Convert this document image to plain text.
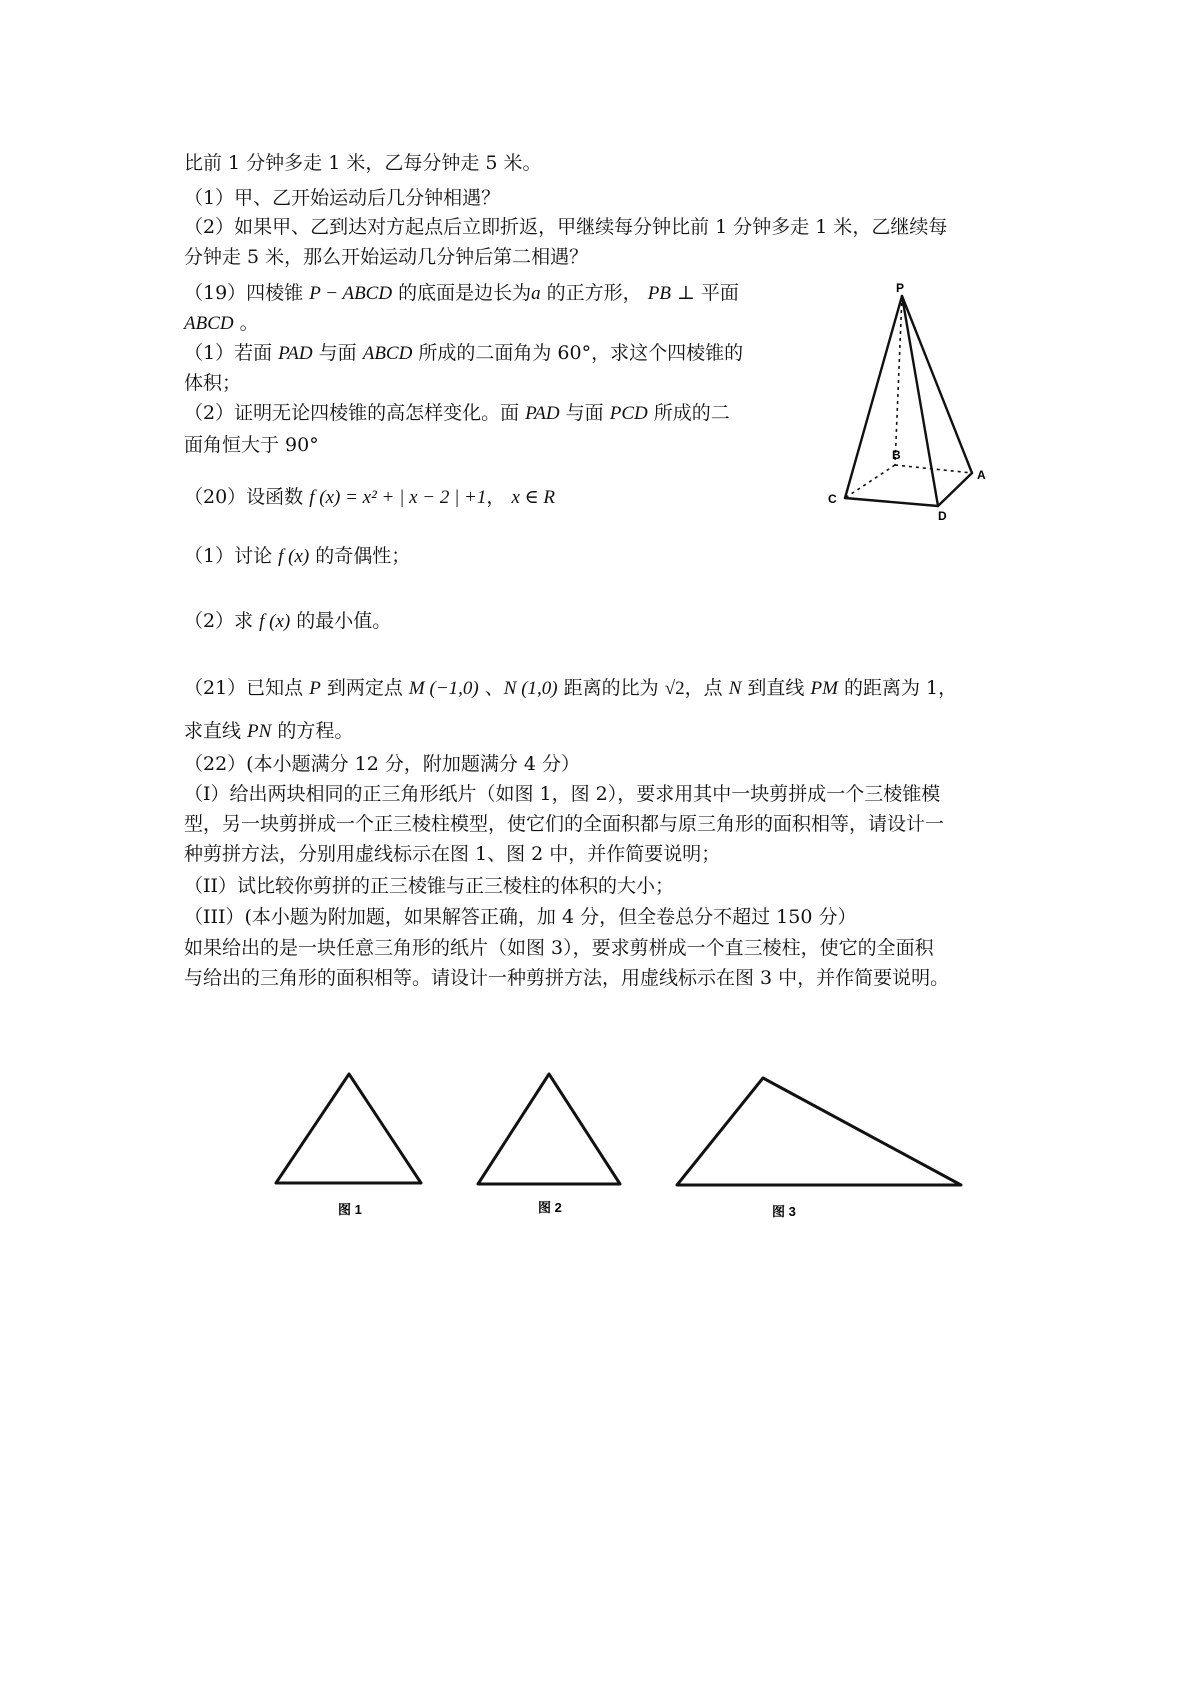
比前 1 分钟多走 1 米，乙每分钟走 5 米。
（1）甲、乙开始运动后几分钟相遇？
（2）如果甲、乙到达对方起点后立即折返，甲继续每分钟比前 1 分钟多走 1 米，乙继续每
分钟走 5 米，那么开始运动几分钟后第二相遇？
（19）四棱锥 P − ABCD 的底面是边长为a 的正方形， PB ⊥ 平面
ABCD 。
（1）若面 PAD 与面 ABCD 所成的二面角为 60°，求这个四棱锥的
体积；
（2）证明无论四棱锥的高怎样变化。面 PAD 与面 PCD 所成的二
面角恒大于 90°
P
A
B
C
D
（20）设函数 f (x) = x² + | x − 2 | +1， x ∈ R
（1）讨论 f (x) 的奇偶性；
（2）求 f (x) 的最小值。
（21）已知点 P 到两定点 M (−1,0) 、N (1,0) 距离的比为 √2，点 N 到直线 PM 的距离为 1，
求直线 PN 的方程。
（22）(本小题满分 12 分，附加题满分 4 分）
（I）给出两块相同的正三角形纸片（如图 1，图 2），要求用其中一块剪拼成一个三棱锥模
型，另一块剪拼成一个正三棱柱模型，使它们的全面积都与原三角形的面积相等，请设计一
种剪拼方法，分别用虚线标示在图 1、图 2 中，并作简要说明；
（II）试比较你剪拼的正三棱锥与正三棱柱的体积的大小；
（III）(本小题为附加题，如果解答正确，加 4 分，但全卷总分不超过 150 分）
如果给出的是一块任意三角形的纸片（如图 3），要求剪栟成一个直三棱柱，使它的全面积
与给出的三角形的面积相等。请设计一种剪拼方法，用虚线标示在图 3 中，并作简要说明。
图 1	图 2	图 3
